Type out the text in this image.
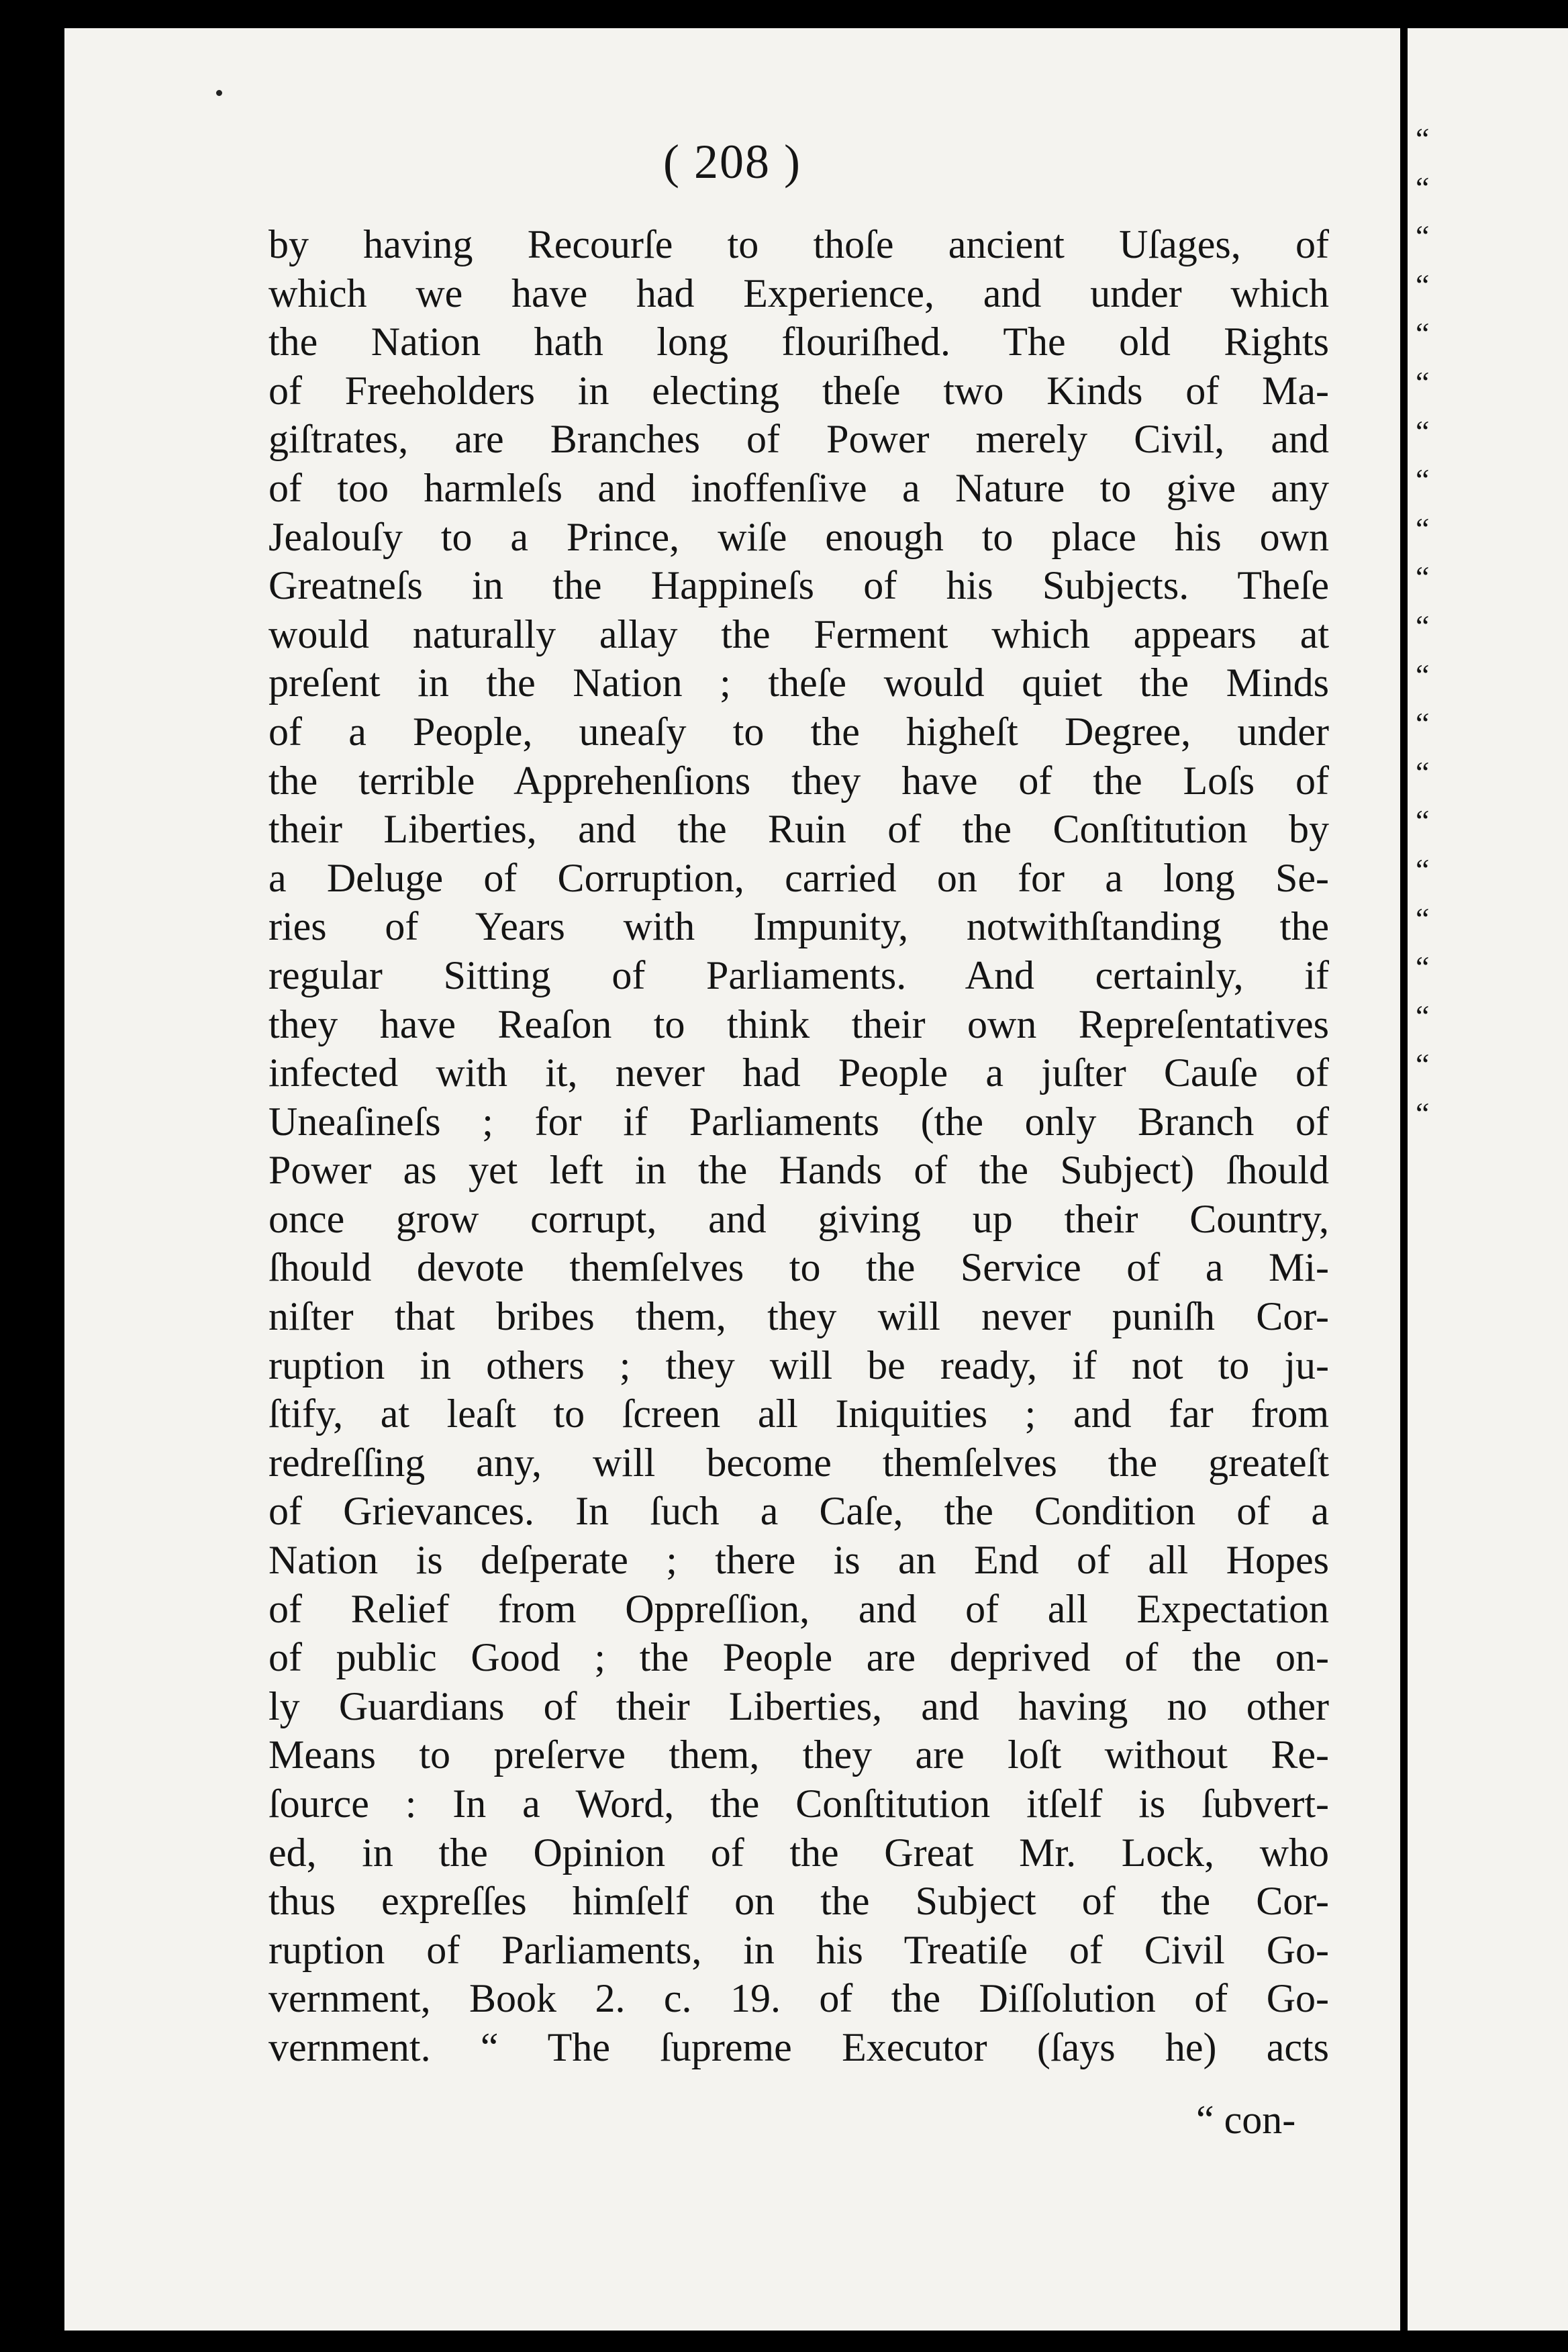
( 208 )
by having Recourſe to thoſe ancient Uſages, of
which we have had Experience, and under which
the Nation hath long flouriſhed. The old Rights
of Freeholders in electing theſe two Kinds of Ma-
giſtrates, are Branches of Power merely Civil, and
of too harmleſs and inoffenſive a Nature to give any
Jealouſy to a Prince, wiſe enough to place his own
Greatneſs in the Happineſs of his Subjects. Theſe
would naturally allay the Ferment which appears at
preſent in the Nation ; theſe would quiet the Minds
of a People, uneaſy to the higheſt Degree, under
the terrible Apprehenſions they have of the Loſs of
their Liberties, and the Ruin of the Conſtitution by
a Deluge of Corruption, carried on for a long Se-
ries of Years with Impunity, notwithſtanding the
regular Sitting of Parliaments. And certainly, if
they have Reaſon to think their own Repreſentatives
infected with it, never had People a juſter Cauſe of
Uneaſineſs ; for if Parliaments (the only Branch of
Power as yet left in the Hands of the Subject) ſhould
once grow corrupt, and giving up their Country,
ſhould devote themſelves to the Service of a Mi-
niſter that bribes them, they will never puniſh Cor-
ruption in others ; they will be ready, if not to ju-
ſtify, at leaſt to ſcreen all Iniquities ; and far from
redreſſing any, will become themſelves the greateſt
of Grievances. In ſuch a Caſe, the Condition of a
Nation is deſperate ; there is an End of all Hopes
of Relief from Oppreſſion, and of all Expectation
of public Good ; the People are deprived of the on-
ly Guardians of their Liberties, and having no other
Means to preſerve them, they are loſt without Re-
ſource : In a Word, the Conſtitution itſelf is ſubvert-
ed, in the Opinion of the Great Mr. Lock, who
thus expreſſes himſelf on the Subject of the Cor-
ruption of Parliaments, in his Treatiſe of Civil Go-
vernment, Book 2. c. 19. of the Diſſolution of Go-
vernment. “ The ſupreme Executor (ſays he) acts
“ con-
“
“
“
“
“
“
“
“
“
“
“
“
“
“
“
“
“
“
“
“
“
